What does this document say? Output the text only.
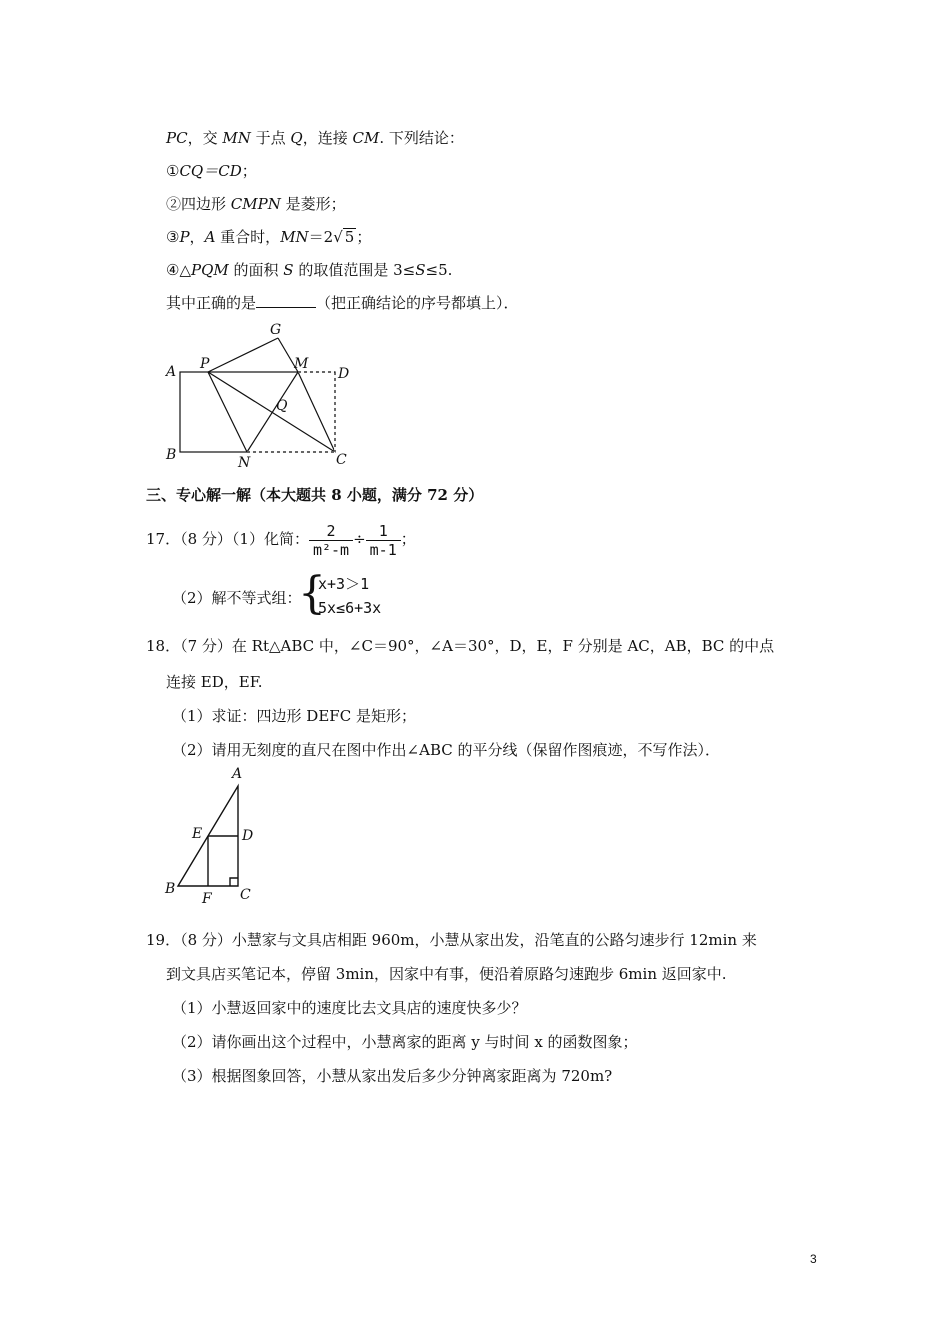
PC，交 MN 于点 Q，连接 CM. 下列结论：
①CQ＝CD；
②四边形 CMPN 是菱形；
③P，A 重合时，MN＝2√ 5 ；
④△PQM 的面积 S 的取值范围是 3≤S≤5.
其中正确的是	（把正确结论的序号都填上）．
A
B	C
D
G
M
N
P
Q
三、专心解一解（本大题共 8 小题，满分 72 分）
17．（8 分）（1）化简： $\frac{2}{\text{m²-m}} \div \frac{1}{m-1}$ ；
（2）解不等式组：
{
x+3＞1
5x≤6+3x
18．（7 分）在 Rt△ABC 中，∠C＝90°，∠A＝30°，D，E，F 分别是 AC，AB，BC 的中点
连接 ED，EF.
（1）求证：四边形 DEFC 是矩形；
（2）请用无刻度的直尺在图中作出∠ABC 的平分线（保留作图痕迹，不写作法）．
A
B	C
D
E
F
19．（8 分）小慧家与文具店相距 960m，小慧从家出发，沿笔直的公路匀速步行 12min 来
到文具店买笔记本，停留 3min，因家中有事，便沿着原路匀速跑步 6min 返回家中.
（1）小慧返回家中的速度比去文具店的速度快多少？
（2）请你画出这个过程中，小慧离家的距离 y 与时间 x 的函数图象；
（3）根据图象回答，小慧从家出发后多少分钟离家距离为 720m?
3
